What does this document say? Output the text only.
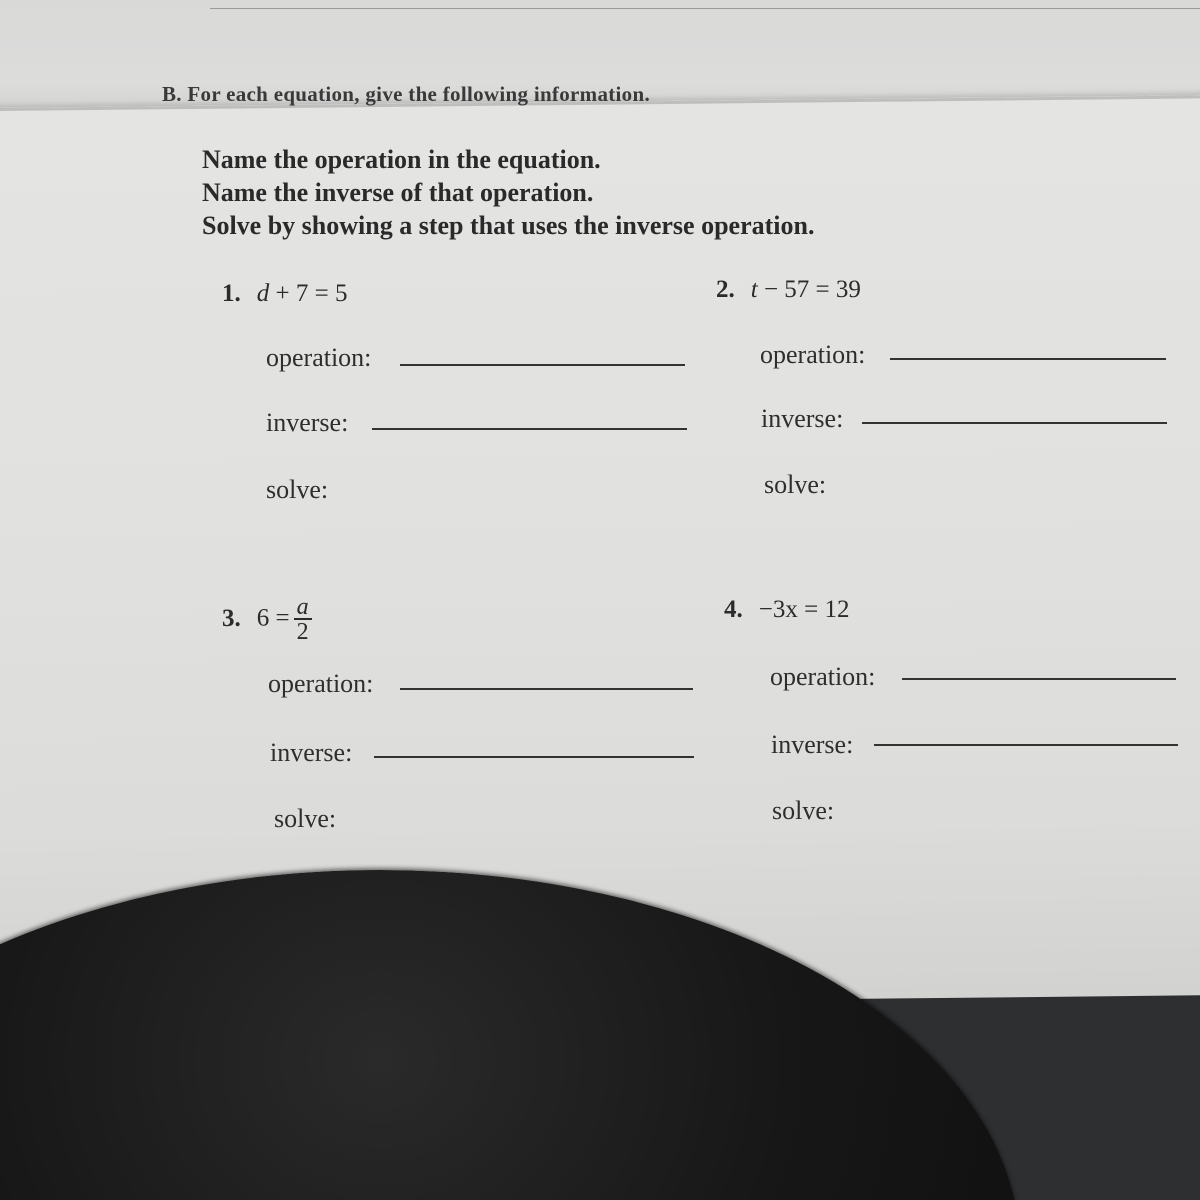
B. For each equation, give the following information.
Name the operation in the equation.
Name the inverse of that operation.
Solve by showing a step that uses the inverse operation.
1. d + 7 = 5
operation:
inverse:
solve:
2. t − 57 = 39
operation:
inverse:
solve:
3. $6 = \frac{a}{2}$
operation:
inverse:
solve:
4. −3x = 12
operation:
inverse:
solve:
